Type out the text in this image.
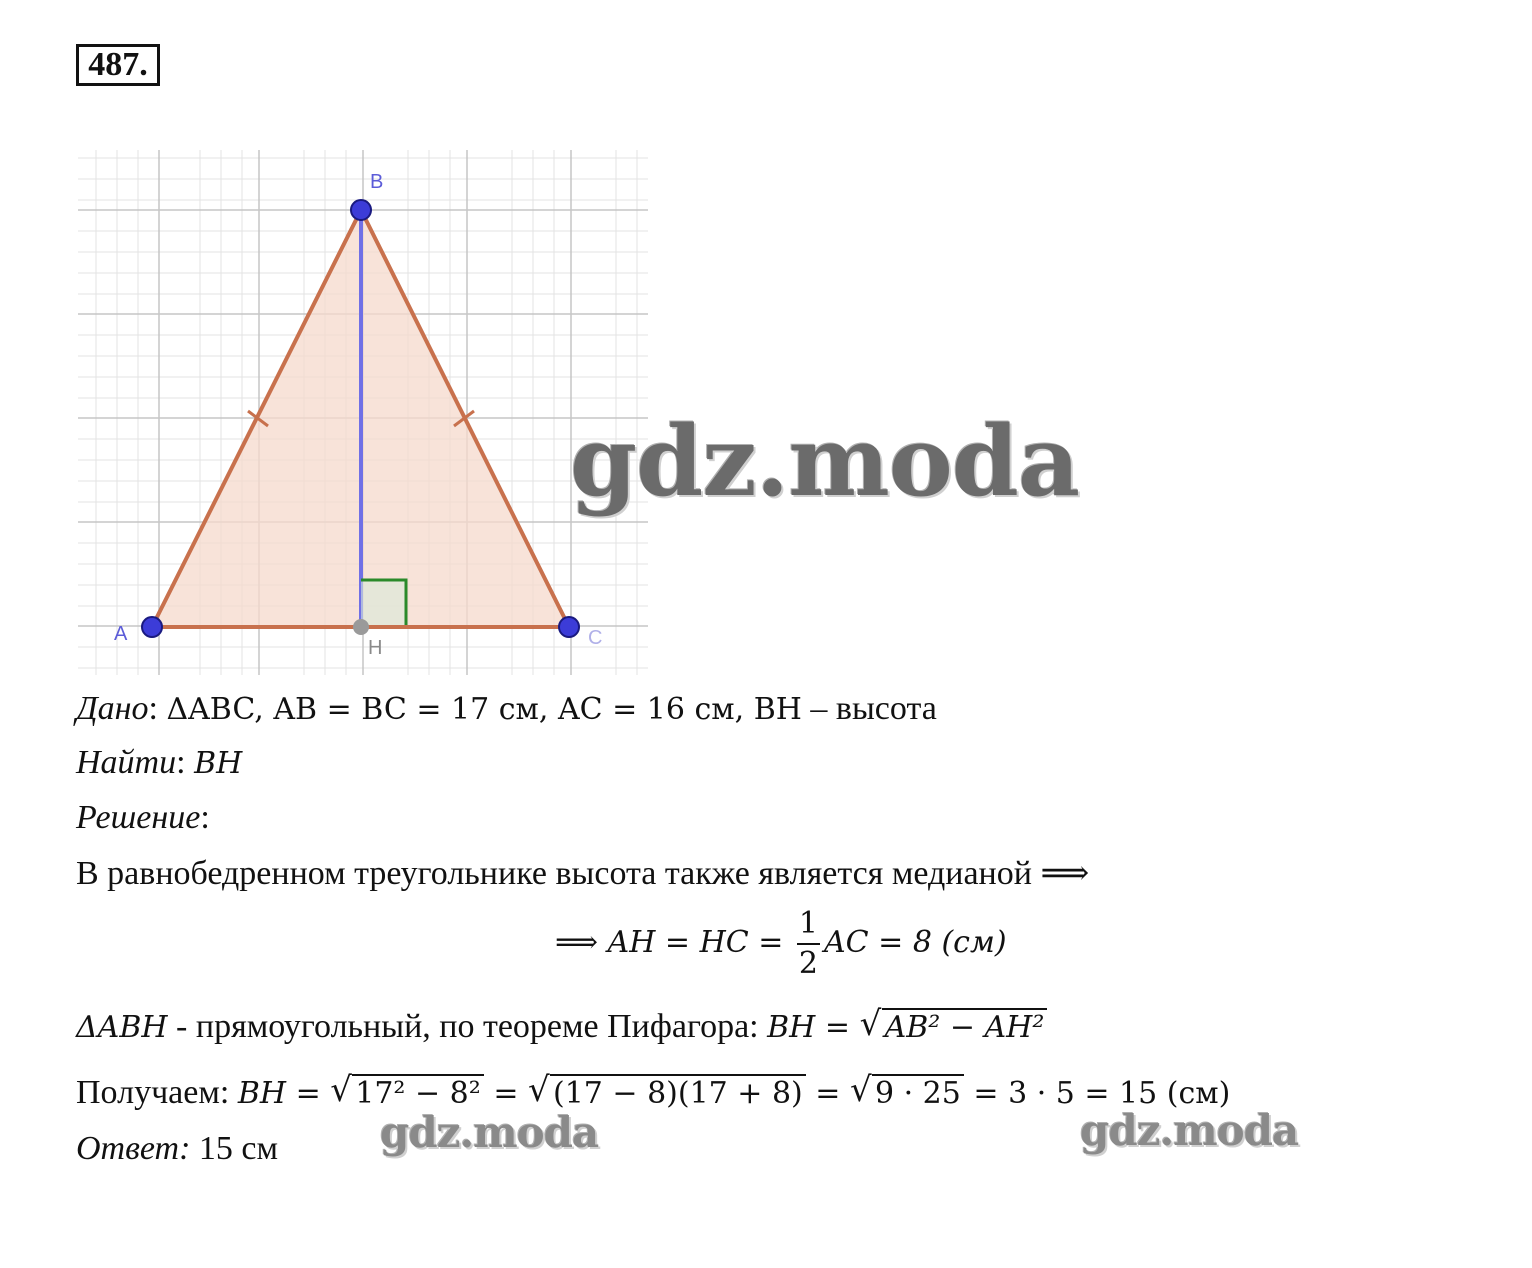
487.
A
B
C
H
gdz.moda
gdz.moda	gdz.moda
Дано: ΔABC, AB = BC = 17 см, AC = 16 см, BH – высота
Найти: BH
Решение:
В равнобедренном треугольнике высота также является медианой ⟹
⟹ AH = HC = $\frac{1}{2}$ AC = 8 (см)
ΔABH - прямоугольный, по теореме Пифагора: BH = √ AB² − AH²
Получаем: BH = √ 17² − 8² = √ (17 − 8)(17 + 8) = √ 9 · 25 = 3 · 5 = 15 (см)
Ответ: 15 см
